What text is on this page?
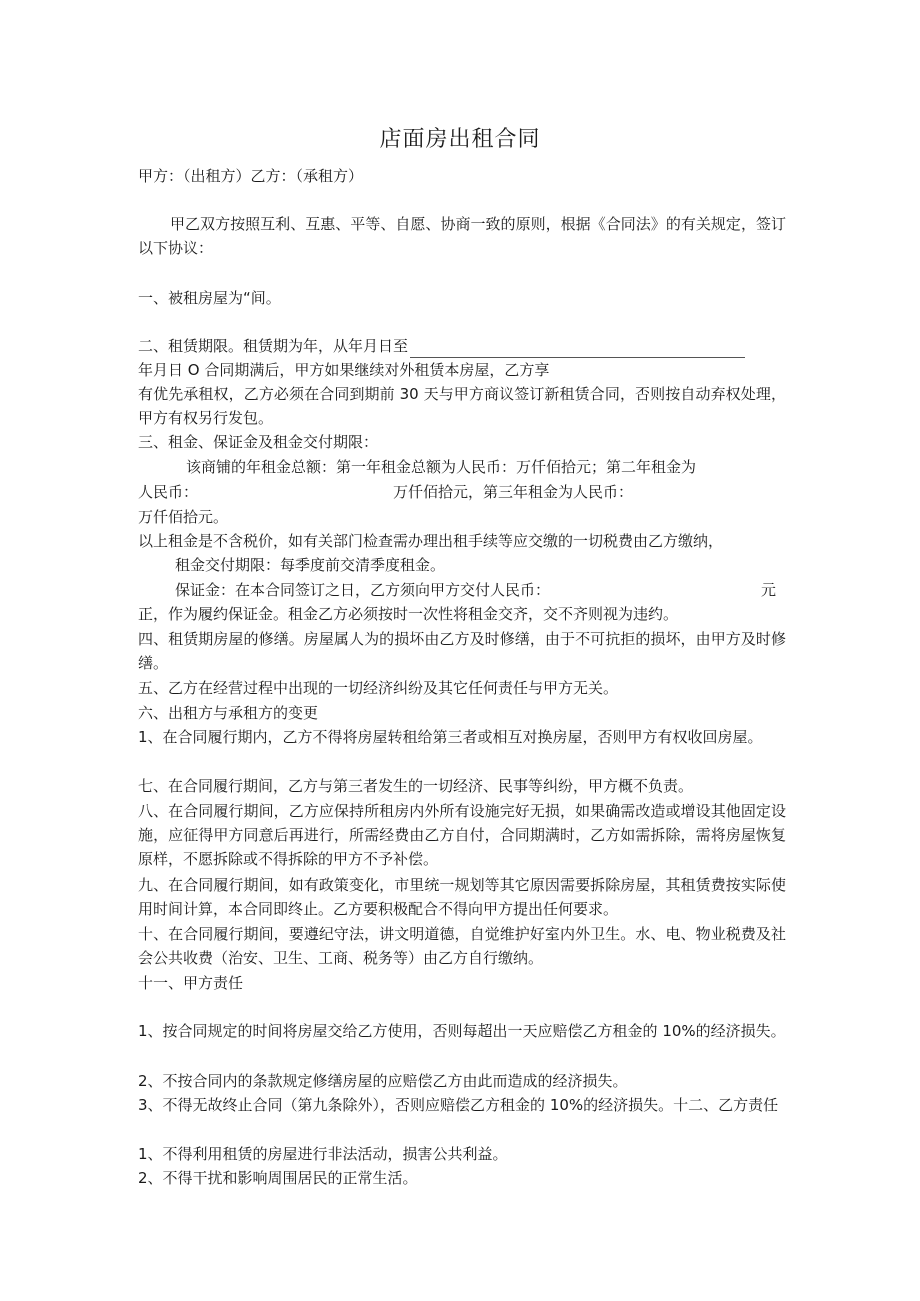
店面房出租合同
甲方：（出租方）乙方：（承租方）
甲乙双方按照互利、互惠、平等、自愿、协商一致的原则，根据《合同法》的有关规定，签订以下协议：
一、被租房屋为“间。
二、租赁期限。租赁期为年，从年月日至
年月日 O 合同期满后，甲方如果继续对外租赁本房屋，乙方享
有优先承租权，乙方必须在合同到期前 30 天与甲方商议签订新租赁合同，否则按自动弃权处理，甲方有权另行发包。
三、租金、保证金及租金交付期限：
该商铺的年租金总额：第一年租金总额为人民币：万仟佰拾元；第二年租金为
人民币：	万仟佰拾元，第三年租金为人民币：
万仟佰拾元。
以上租金是不含税价，如有关部门检查需办理出租手续等应交缴的一切税费由乙方缴纳，
租金交付期限：每季度前交清季度租金。
保证金：在本合同签订之日，乙方须向甲方交付人民币：	元
正，作为履约保证金。租金乙方必须按时一次性将租金交齐，交不齐则视为违约。
四、租赁期房屋的修缮。房屋属人为的损坏由乙方及时修缮，由于不可抗拒的损坏，由甲方及时修缮。
五、乙方在经营过程中出现的一切经济纠纷及其它任何责任与甲方无关。
六、出租方与承租方的变更
1、在合同履行期内，乙方不得将房屋转租给第三者或相互对换房屋，否则甲方有权收回房屋。
七、在合同履行期间，乙方与第三者发生的一切经济、民事等纠纷，甲方概不负责。
八、在合同履行期间，乙方应保持所租房内外所有设施完好无损，如果确需改造或增设其他固定设施，应征得甲方同意后再进行，所需经费由乙方自付，合同期满时，乙方如需拆除，需将房屋恢复原样，不愿拆除或不得拆除的甲方不予补偿。
九、在合同履行期间，如有政策变化，市里统一规划等其它原因需要拆除房屋，其租赁费按实际使用时间计算，本合同即终止。乙方要积极配合不得向甲方提出任何要求。
十、在合同履行期间，要遵纪守法，讲文明道德，自觉维护好室内外卫生。水、电、物业税费及社会公共收费（治安、卫生、工商、税务等）由乙方自行缴纳。
十一、甲方责任
1、按合同规定的时间将房屋交给乙方使用，否则每超出一天应赔偿乙方租金的 10%的经济损失。
2、不按合同内的条款规定修缮房屋的应赔偿乙方由此而造成的经济损失。
3、不得无故终止合同（第九条除外），否则应赔偿乙方租金的 10%的经济损失。十二、乙方责任
1、不得利用租赁的房屋进行非法活动，损害公共利益。
2、不得干扰和影响周围居民的正常生活。
